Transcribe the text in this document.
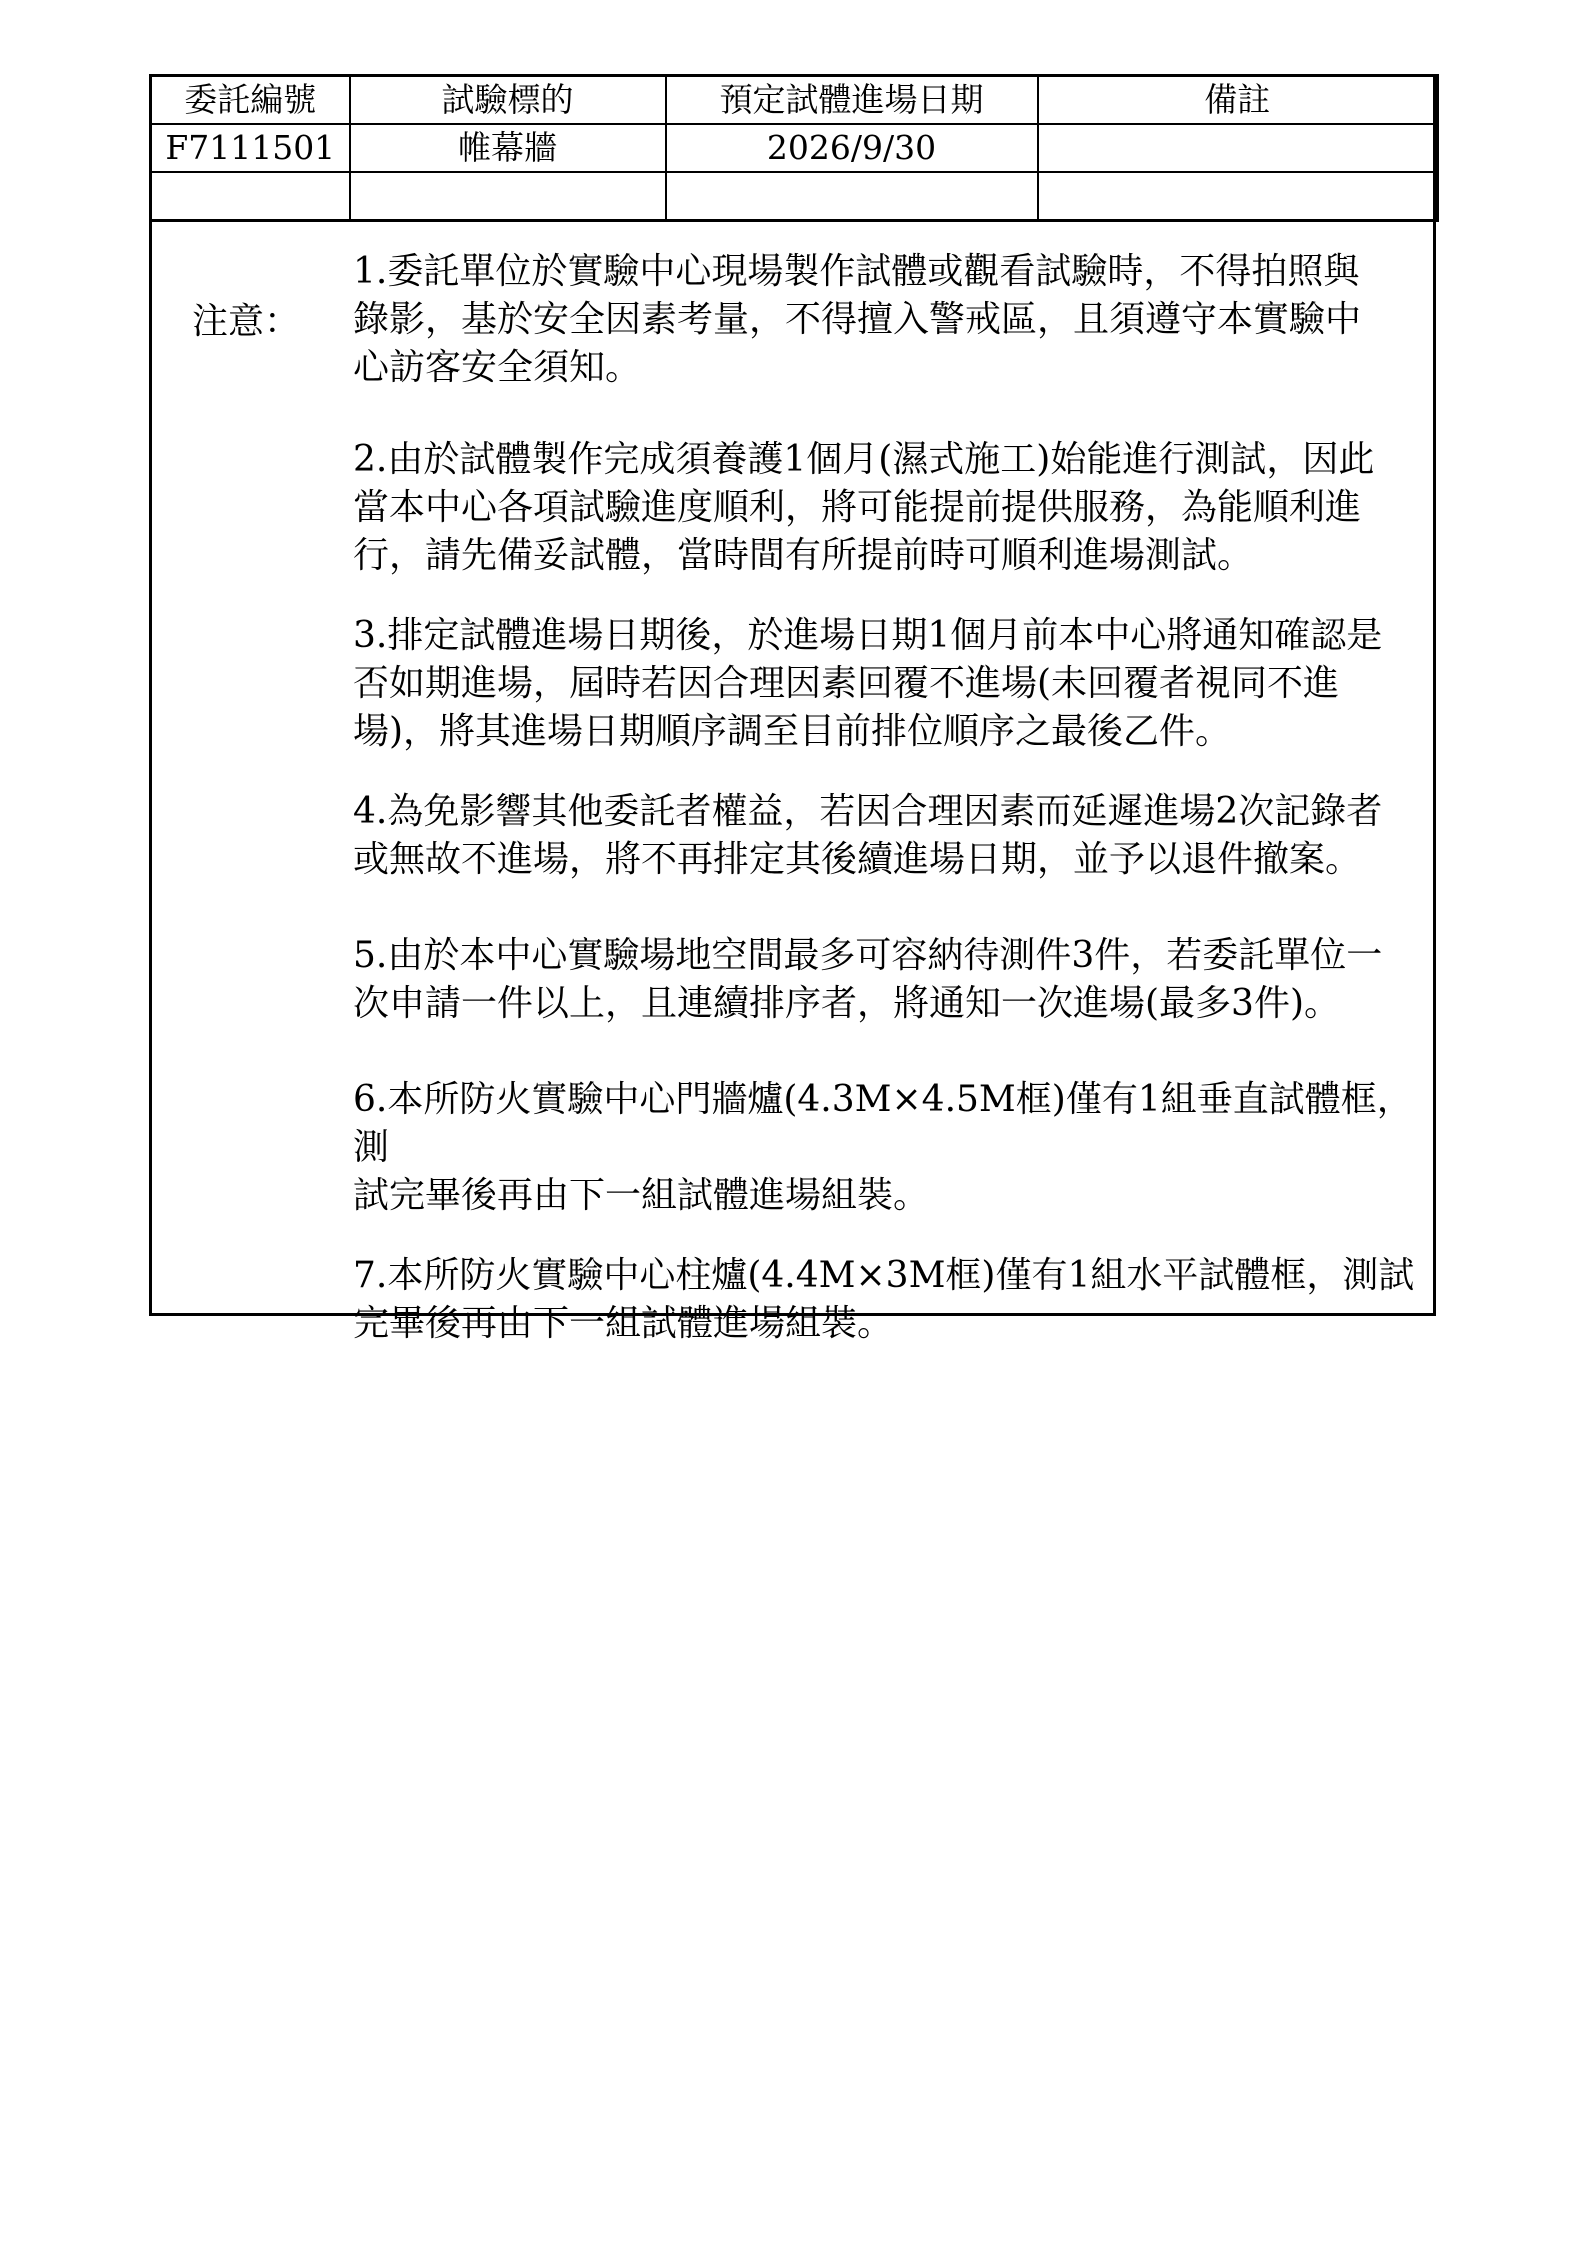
委託編號	試驗標的	預定試體進場日期	備註
F7111501	帷幕牆	2026/9/30	

注意：
1.委託單位於實驗中心現場製作試體或觀看試驗時，不得拍照與
錄影，基於安全因素考量，不得擅入警戒區，且須遵守本實驗中
心訪客安全須知。
2.由於試體製作完成須養護1個月(濕式施工)始能進行測試，因此
當本中心各項試驗進度順利，將可能提前提供服務，為能順利進
行，請先備妥試體，當時間有所提前時可順利進場測試。
3.排定試體進場日期後，於進場日期1個月前本中心將通知確認是
否如期進場，屆時若因合理因素回覆不進場(未回覆者視同不進
場)，將其進場日期順序調至目前排位順序之最後乙件。
4.為免影響其他委託者權益，若因合理因素而延遲進場2次記錄者
或無故不進場，將不再排定其後續進場日期，並予以退件撤案。
5.由於本中心實驗場地空間最多可容納待測件3件，若委託單位一
次申請一件以上，且連續排序者，將通知一次進場(最多3件)。
6.本所防火實驗中心門牆爐(4.3M×4.5M框)僅有1組垂直試體框，測
試完畢後再由下一組試體進場組裝。
7.本所防火實驗中心柱爐(4.4M×3M框)僅有1組水平試體框，測試
完畢後再由下一組試體進場組裝。
